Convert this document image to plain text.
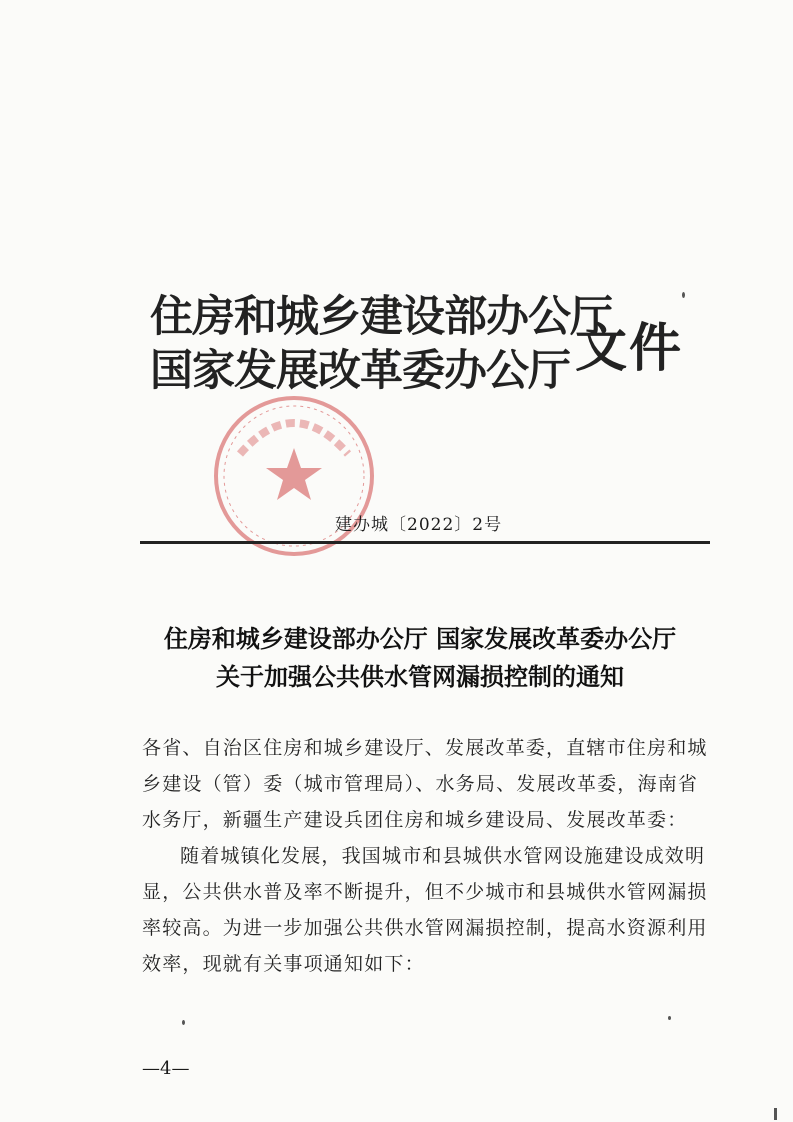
住房和城乡建设部办公厅
国家发展改革委办公厅 文件
建办城〔2022〕2号
住房和城乡建设部办公厅 国家发展改革委办公厅
关于加强公共供水管网漏损控制的通知

各省、自治区住房和城乡建设厅、发展改革委，直辖市住房和城
乡建设（管）委（城市管理局）、水务局、发展改革委，海南省
水务厅，新疆生产建设兵团住房和城乡建设局、发展改革委：

随着城镇化发展，我国城市和县城供水管网设施建设成效明
显，公共供水普及率不断提升，但不少城市和县城供水管网漏损
率较高。为进一步加强公共供水管网漏损控制，提高水资源利用
效率，现就有关事项通知如下：

—4—
